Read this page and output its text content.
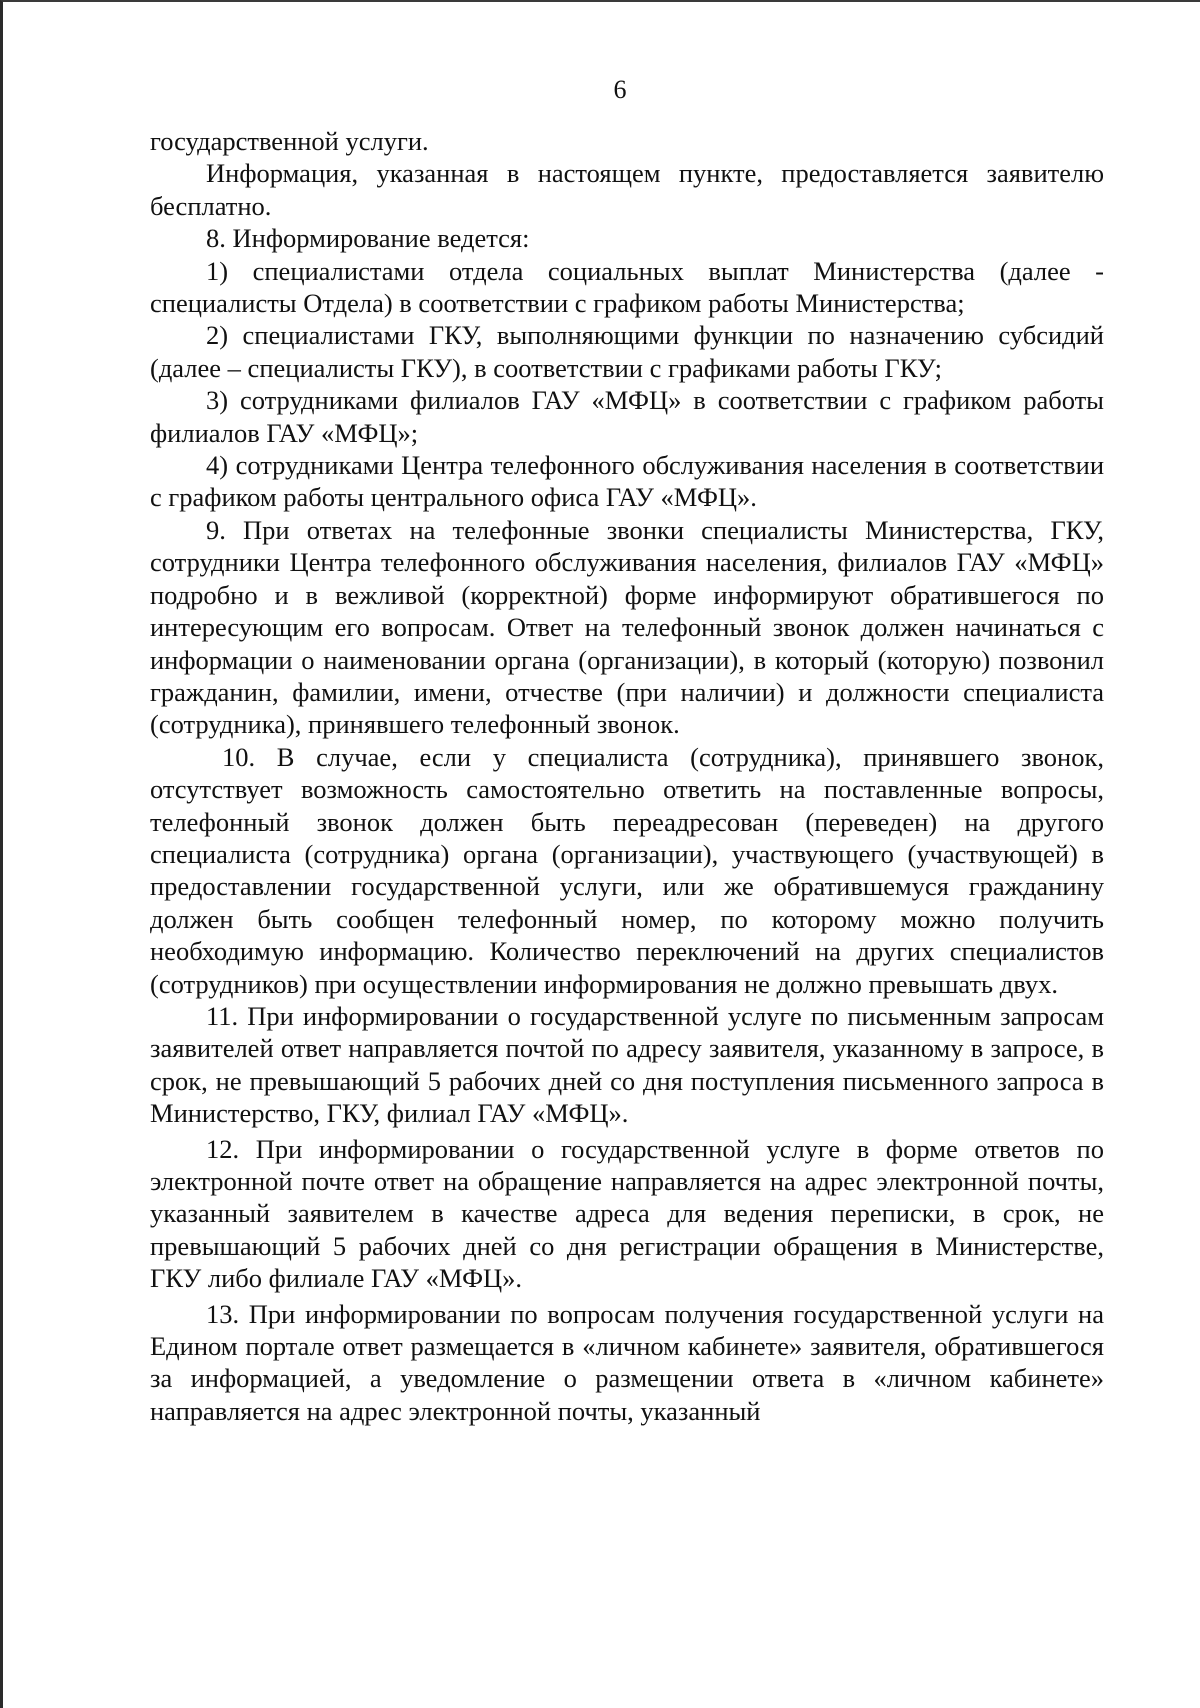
6

государственной услуги.

Информация, указанная в настоящем пункте, предоставляется заявителю бесплатно.

8. Информирование ведется:

1) специалистами отдела социальных выплат Министерства (далее - специалисты Отдела) в соответствии с графиком работы Министерства;

2) специалистами ГКУ, выполняющими функции по назначению субсидий (далее – специалисты ГКУ), в соответствии с графиками работы ГКУ;

3) сотрудниками филиалов ГАУ «МФЦ» в соответствии с графиком работы филиалов ГАУ «МФЦ»;

4) сотрудниками Центра телефонного обслуживания населения в соответствии с графиком работы центрального офиса ГАУ «МФЦ».

9. При ответах на телефонные звонки специалисты Министерства, ГКУ, сотрудники Центра телефонного обслуживания населения, филиалов ГАУ «МФЦ» подробно и в вежливой (корректной) форме информируют обратившегося по интересующим его вопросам. Ответ на телефонный звонок должен начинаться с информации о наименовании органа (организации), в который (которую) позвонил гражданин, фамилии, имени, отчестве (при наличии) и должности специалиста (сотрудника), принявшего телефонный звонок.

10. В случае, если у специалиста (сотрудника), принявшего звонок, отсутствует возможность самостоятельно ответить на поставленные вопросы, телефонный звонок должен быть переадресован (переведен) на другого специалиста (сотрудника) органа (организации), участвующего (участвующей) в предоставлении государственной услуги, или же обратившемуся гражданину должен быть сообщен телефонный номер, по которому можно получить необходимую информацию. Количество переключений на других специалистов (сотрудников) при осуществлении информирования не должно превышать двух.

11. При информировании о государственной услуге по письменным запросам заявителей ответ направляется почтой по адресу заявителя, указанному в запросе, в срок, не превышающий 5 рабочих дней со дня поступления письменного запроса в Министерство, ГКУ, филиал ГАУ «МФЦ».

12. При информировании о государственной услуге в форме ответов по электронной почте ответ на обращение направляется на адрес электронной почты, указанный заявителем в качестве адреса для ведения переписки, в срок, не превышающий 5 рабочих дней со дня регистрации обращения в Министерстве, ГКУ либо филиале ГАУ «МФЦ».

13. При информировании по вопросам получения государственной услуги на Едином портале ответ размещается в «личном кабинете» заявителя, обратившегося за информацией, а уведомление о размещении ответа в «личном кабинете» направляется на адрес электронной почты, указанный
